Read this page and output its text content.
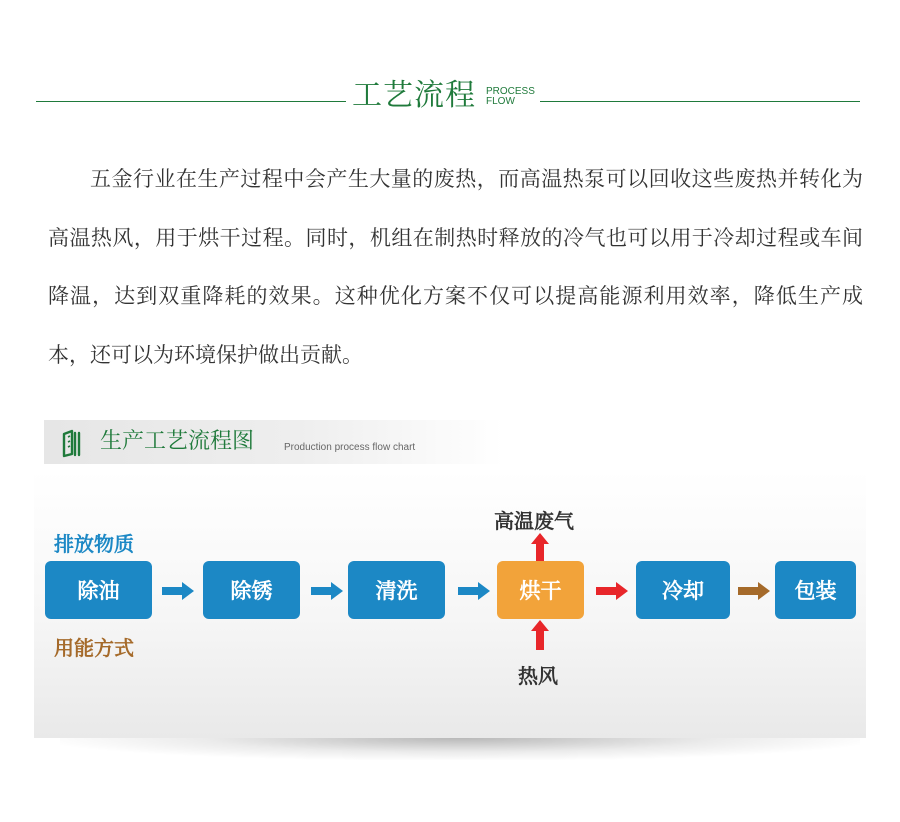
工艺流程 PROCESS
FLOW
五金行业在生产过程中会产生大量的废热，而高温热泵可以回收这些废热并转化为高温热风，用于烘干过程。同时，机组在制热时释放的冷气也可以用于冷却过程或车间降温，达到双重降耗的效果。这种优化方案不仅可以提高能源利用效率，降低生产成本，还可以为环境保护做出贡献。
生产工艺流程图	Production process flow chart
排放物质
用能方式
除油	除锈	清洗	烘干	冷却	包装
高温废气
热风
